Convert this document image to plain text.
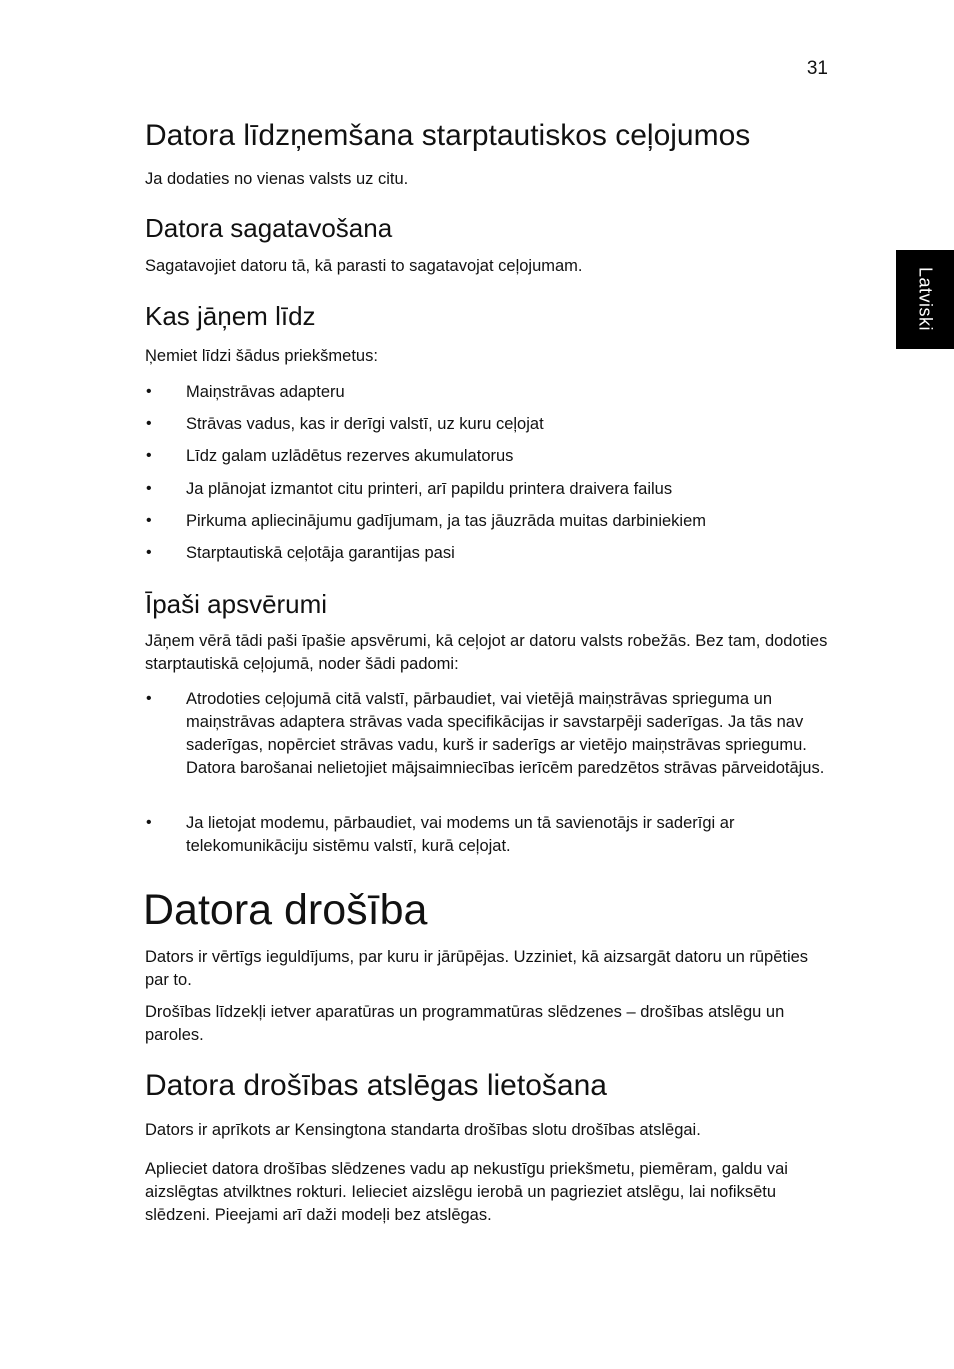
31
Latviski
Datora līdzņemšana starptautiskos ceļojumos
Ja dodaties no vienas valsts uz citu.
Datora sagatavošana
Sagatavojiet datoru tā, kā parasti to sagatavojat ceļojumam.
Kas jāņem līdz
Ņemiet līdzi šādus priekšmetus:
• Maiņstrāvas adapteru
• Strāvas vadus, kas ir derīgi valstī, uz kuru ceļojat
• Līdz galam uzlādētus rezerves akumulatorus
• Ja plānojat izmantot citu printeri, arī papildu printera draivera failus
• Pirkuma apliecinājumu gadījumam, ja tas jāuzrāda muitas darbiniekiem
• Starptautiskā ceļotāja garantijas pasi
Īpaši apsvērumi
Jāņem vērā tādi paši īpašie apsvērumi, kā ceļojot ar datoru valsts robežās. Bez tam, dodoties starptautiskā ceļojumā, noder šādi padomi:
• Atrodoties ceļojumā citā valstī, pārbaudiet, vai vietējā maiņstrāvas sprieguma un maiņstrāvas adaptera strāvas vada specifikācijas ir savstarpēji saderīgas. Ja tās nav saderīgas, nopērciet strāvas vadu, kurš ir saderīgs ar vietējo maiņstrāvas spriegumu. Datora barošanai nelietojiet mājsaimniecības ierīcēm paredzētos strāvas pārveidotājus.
• Ja lietojat modemu, pārbaudiet, vai modems un tā savienotājs ir saderīgi ar telekomunikāciju sistēmu valstī, kurā ceļojat.
Datora drošība
Dators ir vērtīgs ieguldījums, par kuru ir jārūpējas. Uzziniet, kā aizsargāt datoru un rūpēties par to.
Drošības līdzekļi ietver aparatūras un programmatūras slēdzenes – drošības atslēgu un paroles.
Datora drošības atslēgas lietošana
Dators ir aprīkots ar Kensingtona standarta drošības slotu drošības atslēgai.
Aplieciet datora drošības slēdzenes vadu ap nekustīgu priekšmetu, piemēram, galdu vai aizslēgtas atvilktnes rokturi. Ielieciet aizslēgu ierobā un pagrieziet atslēgu, lai nofiksētu slēdzeni. Pieejami arī daži modeļi bez atslēgas.
